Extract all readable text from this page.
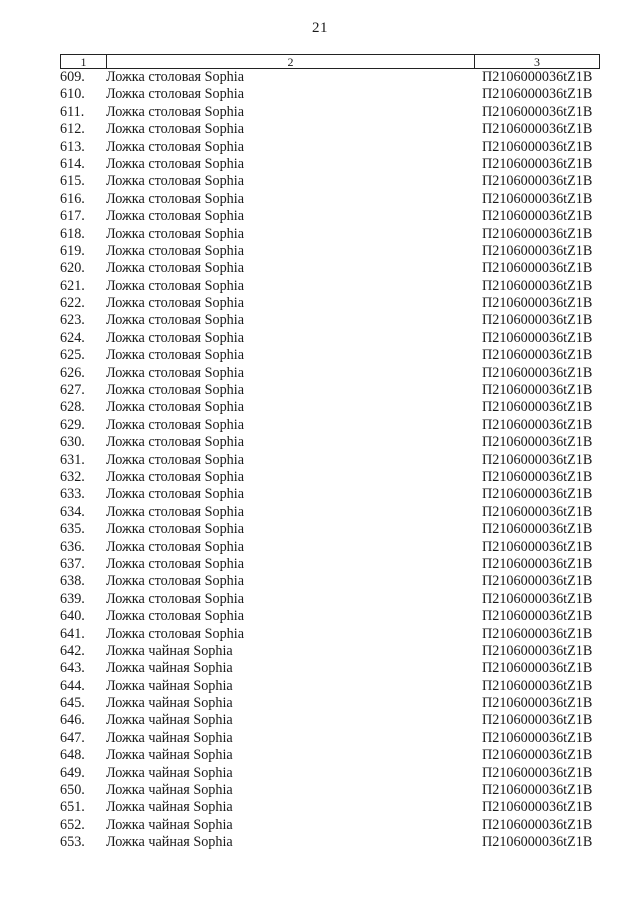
21
1	2	3
609.	Ложка столовая Sophia	П2106000036tZ1B
610.	Ложка столовая Sophia	П2106000036tZ1B
611.	Ложка столовая Sophia	П2106000036tZ1B
612.	Ложка столовая Sophia	П2106000036tZ1B
613.	Ложка столовая Sophia	П2106000036tZ1B
614.	Ложка столовая Sophia	П2106000036tZ1B
615.	Ложка столовая Sophia	П2106000036tZ1B
616.	Ложка столовая Sophia	П2106000036tZ1B
617.	Ложка столовая Sophia	П2106000036tZ1B
618.	Ложка столовая Sophia	П2106000036tZ1B
619.	Ложка столовая Sophia	П2106000036tZ1B
620.	Ложка столовая Sophia	П2106000036tZ1B
621.	Ложка столовая Sophia	П2106000036tZ1B
622.	Ложка столовая Sophia	П2106000036tZ1B
623.	Ложка столовая Sophia	П2106000036tZ1B
624.	Ложка столовая Sophia	П2106000036tZ1B
625.	Ложка столовая Sophia	П2106000036tZ1B
626.	Ложка столовая Sophia	П2106000036tZ1B
627.	Ложка столовая Sophia	П2106000036tZ1B
628.	Ложка столовая Sophia	П2106000036tZ1B
629.	Ложка столовая Sophia	П2106000036tZ1B
630.	Ложка столовая Sophia	П2106000036tZ1B
631.	Ложка столовая Sophia	П2106000036tZ1B
632.	Ложка столовая Sophia	П2106000036tZ1B
633.	Ложка столовая Sophia	П2106000036tZ1B
634.	Ложка столовая Sophia	П2106000036tZ1B
635.	Ложка столовая Sophia	П2106000036tZ1B
636.	Ложка столовая Sophia	П2106000036tZ1B
637.	Ложка столовая Sophia	П2106000036tZ1B
638.	Ложка столовая Sophia	П2106000036tZ1B
639.	Ложка столовая Sophia	П2106000036tZ1B
640.	Ложка столовая Sophia	П2106000036tZ1B
641.	Ложка столовая Sophia	П2106000036tZ1B
642.	Ложка чайная Sophia	П2106000036tZ1B
643.	Ложка чайная Sophia	П2106000036tZ1B
644.	Ложка чайная Sophia	П2106000036tZ1B
645.	Ложка чайная Sophia	П2106000036tZ1B
646.	Ложка чайная Sophia	П2106000036tZ1B
647.	Ложка чайная Sophia	П2106000036tZ1B
648.	Ложка чайная Sophia	П2106000036tZ1B
649.	Ложка чайная Sophia	П2106000036tZ1B
650.	Ложка чайная Sophia	П2106000036tZ1B
651.	Ложка чайная Sophia	П2106000036tZ1B
652.	Ложка чайная Sophia	П2106000036tZ1B
653.	Ложка чайная Sophia	П2106000036tZ1B
